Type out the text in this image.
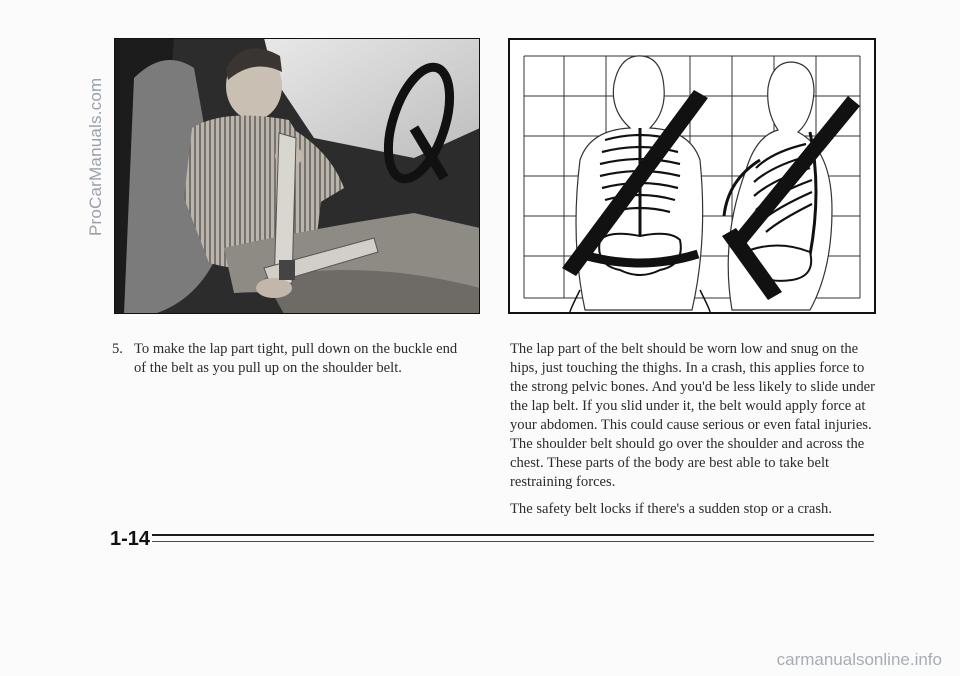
ProCarManuals.com
5. To make the lap part tight, pull down on the buckle end of the belt as you pull up on the shoulder belt.

The lap part of the belt should be worn low and snug on the hips, just touching the thighs. In a crash, this applies force to the strong pelvic bones. And you'd be less likely to slide under the lap belt. If you slid under it, the belt would apply force at your abdomen. This could cause serious or even fatal injuries. The shoulder belt should go over the shoulder and across the chest. These parts of the body are best able to take belt restraining forces.

The safety belt locks if there's a sudden stop or a crash.

1-14
carmanualsonline.info
